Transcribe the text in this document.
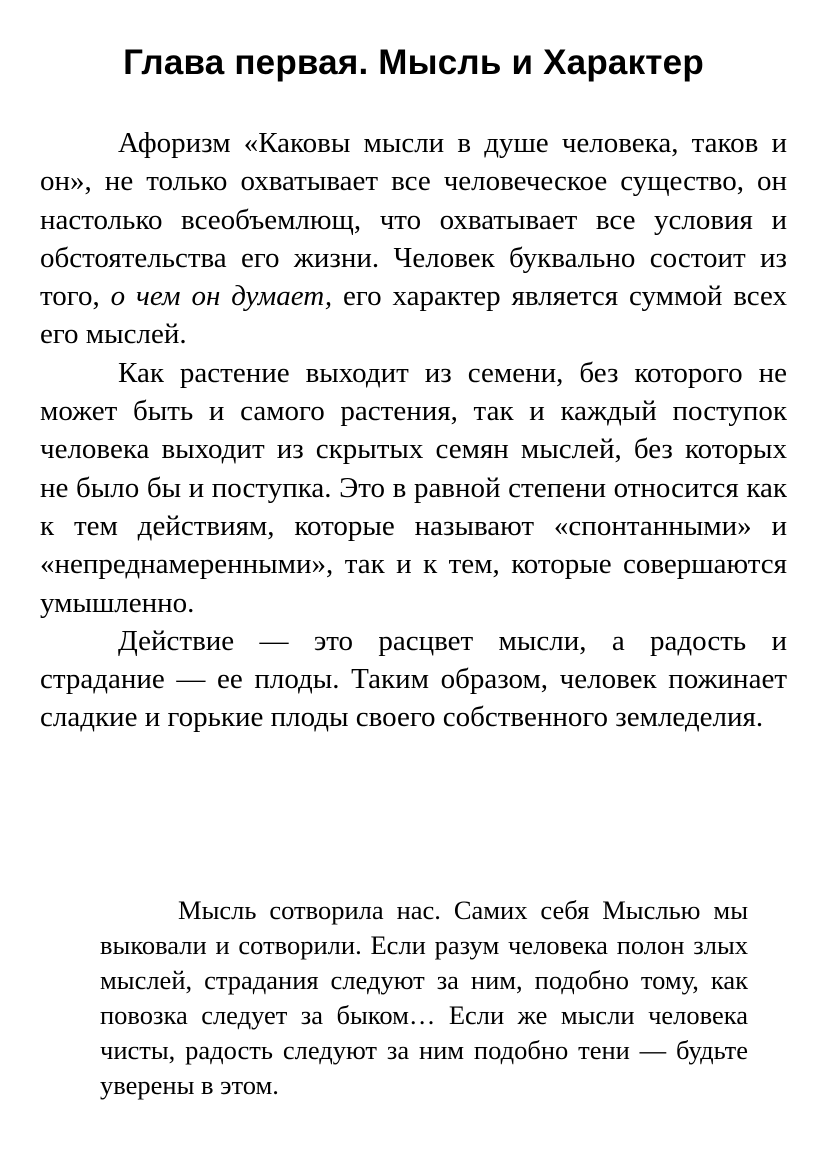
Глава первая. Мысль и Характер

Афоризм «Каковы мысли в душе человека, таков и он», не только охватывает все человеческое существо, он настолько всеобъемлющ, что охватывает все условия и обстоятельства его жизни. Человек буквально состоит из того, о чем он думает, его характер является суммой всех его мыслей.

Как растение выходит из семени, без которого не может быть и самого растения, так и каждый поступок человека выходит из скрытых семян мыслей, без которых не было бы и поступка. Это в равной степени относится как к тем действиям, которые называют «спонтанными» и «непреднамеренными», так и к тем, которые совершаются умышленно.

Действие — это расцвет мысли, а радость и страдание — ее плоды. Таким образом, человек пожинает сладкие и горькие плоды своего собственного земледелия.

Мысль сотворила нас. Самих себя Мыслью мы выковали и сотворили. Если разум человека полон злых мыслей, страдания следуют за ним, подобно тому, как повозка следует за быком… Если же мысли человека чисты, радость следуют за ним подобно тени — будьте уверены в этом.
